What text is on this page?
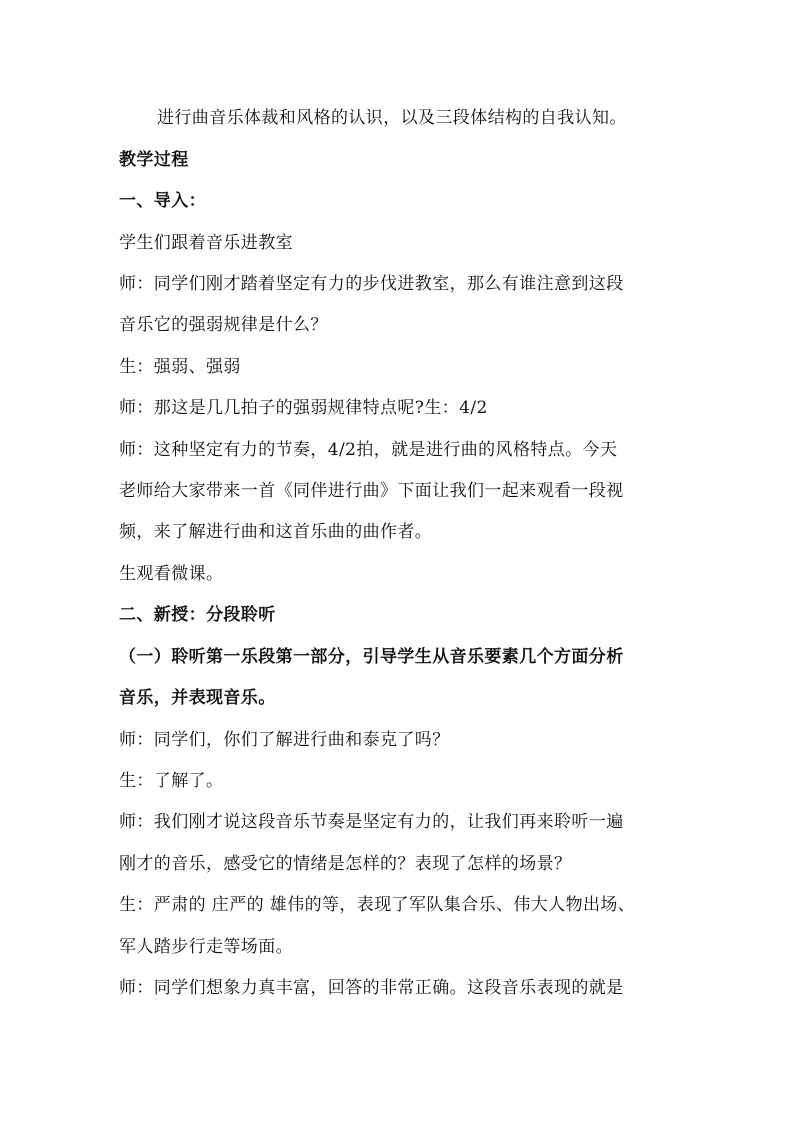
进行曲音乐体裁和风格的认识，以及三段体结构的自我认知。
教学过程
一、导入：
学生们跟着音乐进教室
师：同学们刚才踏着坚定有力的步伐进教室，那么有谁注意到这段
音乐它的强弱规律是什么？
生：强弱、强弱
师：那这是几几拍子的强弱规律特点呢?生：4/2
师：这种坚定有力的节奏，4/2拍，就是进行曲的风格特点。今天
老师给大家带来一首《同伴进行曲》下面让我们一起来观看一段视
频，来了解进行曲和这首乐曲的曲作者。
生观看微课。
二、新授：分段聆听
（一）聆听第一乐段第一部分，引导学生从音乐要素几个方面分析
音乐，并表现音乐。
师：同学们，你们了解进行曲和泰克了吗？
生：了解了。
师：我们刚才说这段音乐节奏是坚定有力的，让我们再来聆听一遍
刚才的音乐，感受它的情绪是怎样的？表现了怎样的场景？
生：严肃的 庄严的 雄伟的等，表现了军队集合乐、伟大人物出场、
军人踏步行走等场面。
师：同学们想象力真丰富，回答的非常正确。这段音乐表现的就是
